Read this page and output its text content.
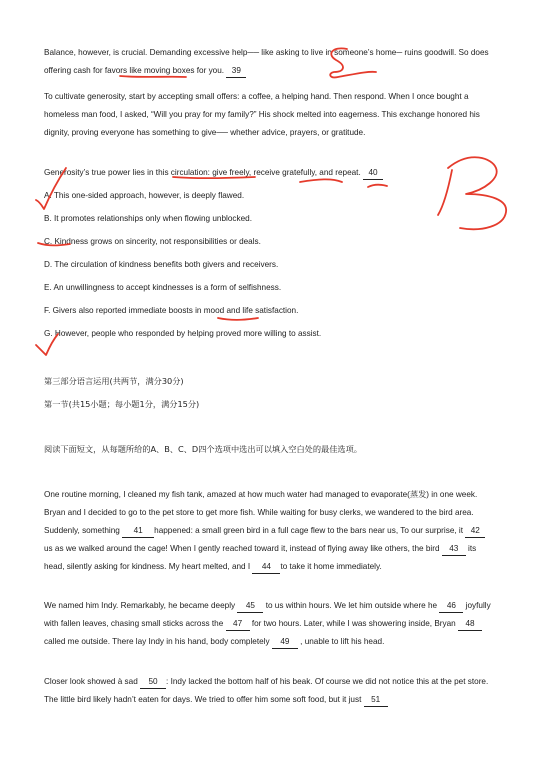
Balance, however, is crucial. Demanding excessive help── like asking to live in someone’s home─ ruins goodwill. So does offering cash for favors like moving boxes for you. 39

To cultivate generosity, start by accepting small offers: a coffee, a helping hand. Then respond. When I once bought a homeless man food, I asked, “Will you pray for my family?” His shock melted into eagerness. This exchange honored his dignity, proving everyone has something to give── whether advice, prayers, or gratitude.

Generosity’s true power lies in this circulation: give freely, receive gratefully, and repeat. 40

A. This one-sided approach, however, is deeply flawed.

B. It promotes relationships only when flowing unblocked.

C. Kindness grows on sincerity, not responsibilities or deals.

D. The circulation of kindness benefits both givers and receivers.

E. An unwillingness to accept kindnesses is a form of selfishness.

F. Givers also reported immediate boosts in mood and life satisfaction.

G. However, people who responded by helping proved more willing to assist.

第三部分语言运用(共两节，满分30分)

第一节(共15小题；每小题1分，满分15分)

阅读下面短文，从每题所给的A、B、C、D四个选项中选出可以填入空白处的最佳选项。

One routine morning, I cleaned my fish tank, amazed at how much water had managed to evaporate(蒸发) in one week. Bryan and I decided to go to the pet store to get more fish. While waiting for busy clerks, we wandered to the bird area. Suddenly, something 41 happened: a small green bird in a full cage flew to the bars near us, To our surprise, it 42 us as we walked around the cage! When I gently reached toward it, instead of flying away like others, the bird 43 its head, silently asking for kindness. My heart melted, and I 44 to take it home immediately.

We named him Indy. Remarkably, he became deeply 45 to us within hours. We let him outside where he 46 joyfully with fallen leaves, chasing small sticks across the 47 for two hours. Later, while I was showering inside, Bryan 48 called me outside. There lay Indy in his hand, body completely 49 , unable to lift his head.

Closer look showed à sad 50 : Indy lacked the bottom half of his beak. Of course we did not notice this at the pet store. The little bird likely hadn’t eaten for days. We tried to offer him some soft food, but it just 51
